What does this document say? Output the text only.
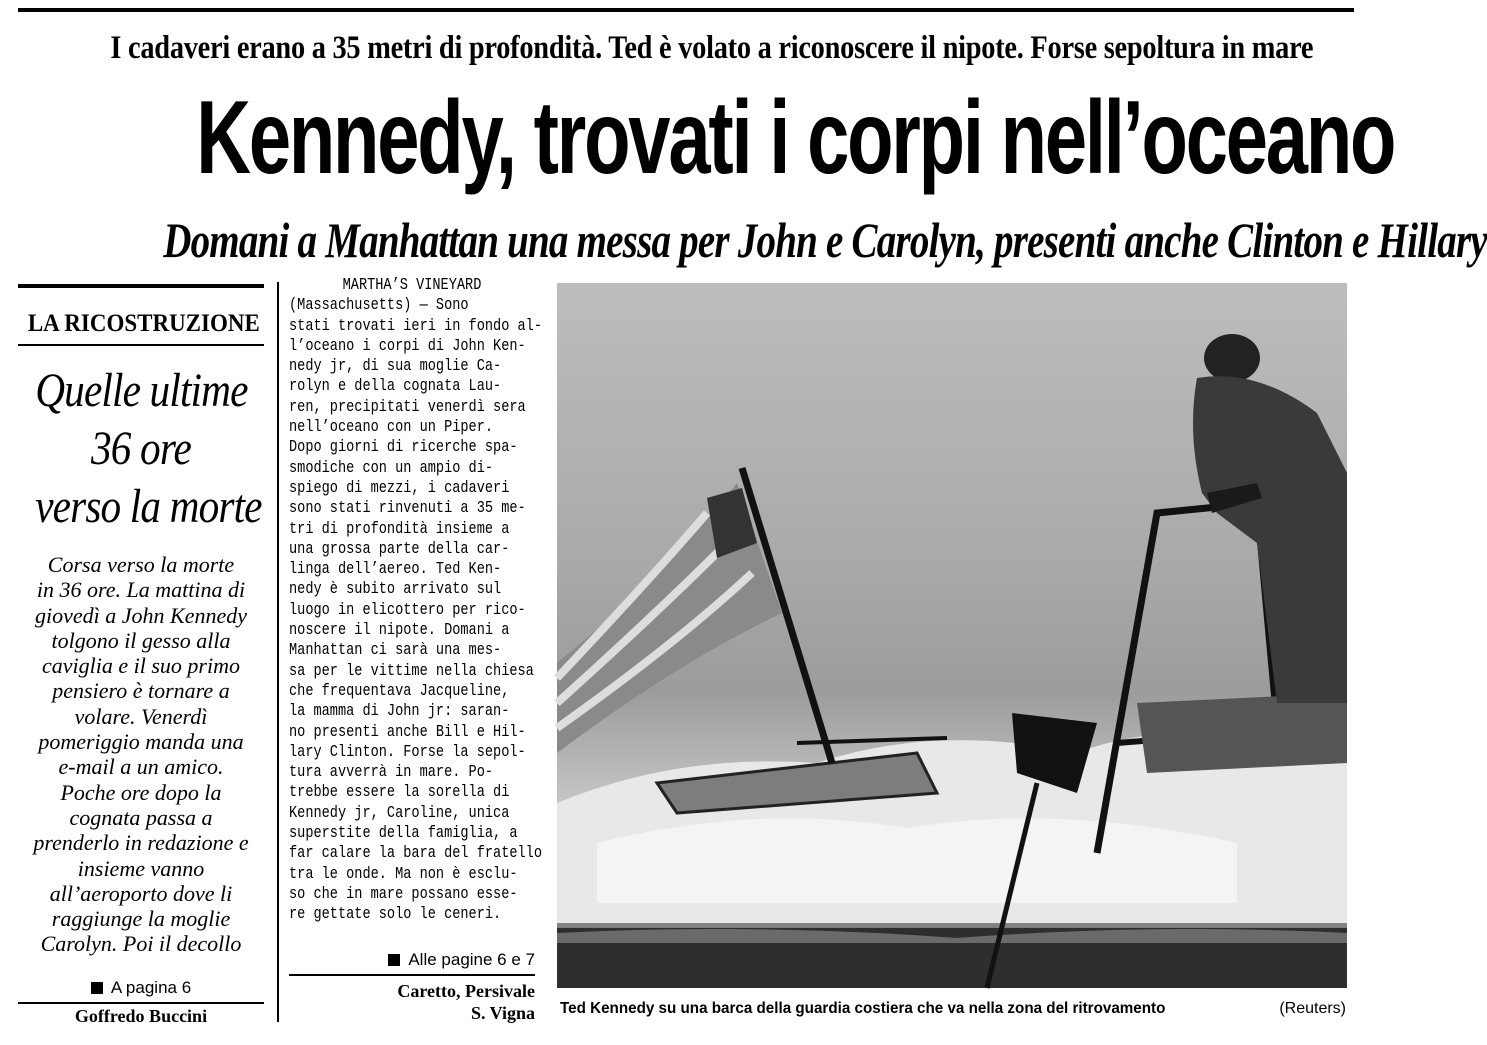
I cadaveri erano a 35 metri di profondità. Ted è volato a riconoscere il nipote. Forse sepoltura in mare
Kennedy, trovati i corpi nell’oceano
Domani a Manhattan una messa per John e Carolyn, presenti anche Clinton e Hillary
LA RICOSTRUZIONE
Quelle ultime
36 ore
verso la morte
Corsa verso la morte
in 36 ore. La mattina di
giovedì a John Kennedy
tolgono il gesso alla
caviglia e il suo primo
pensiero è tornare a
volare. Venerdì
pomeriggio manda una
e-mail a un amico.
Poche ore dopo la
cognata passa a
prenderlo in redazione e
insieme vanno
all’aeroporto dove li
raggiunge la moglie
Carolyn. Poi il decollo
A pagina 6
Goffredo Buccini
MARTHA’S VINEYARD
(Massachusetts) — Sono
stati trovati ieri in fondo al-
l’oceano i corpi di John Ken-
nedy jr, di sua moglie Ca-
rolyn e della cognata Lau-
ren, precipitati venerdì sera
nell’oceano con un Piper.
Dopo giorni di ricerche spa-
smodiche con un ampio di-
spiego di mezzi, i cadaveri
sono stati rinvenuti a 35 me-
tri di profondità insieme a
una grossa parte della car-
linga dell’aereo. Ted Ken-
nedy è subito arrivato sul
luogo in elicottero per rico-
noscere il nipote. Domani a
Manhattan ci sarà una mes-
sa per le vittime nella chiesa
che frequentava Jacqueline,
la mamma di John jr: saran-
no presenti anche Bill e Hil-
lary Clinton. Forse la sepol-
tura avverrà in mare. Po-
trebbe essere la sorella di
Kennedy jr, Caroline, unica
superstite della famiglia, a
far calare la bara del fratello
tra le onde. Ma non è esclu-
so che in mare possano esse-
re gettate solo le ceneri.
Alle pagine 6 e 7
Caretto, Persivale
S. Vigna Ted Kennedy su una barca della guardia costiera che va nella zona del ritrovamento	(Reuters)
